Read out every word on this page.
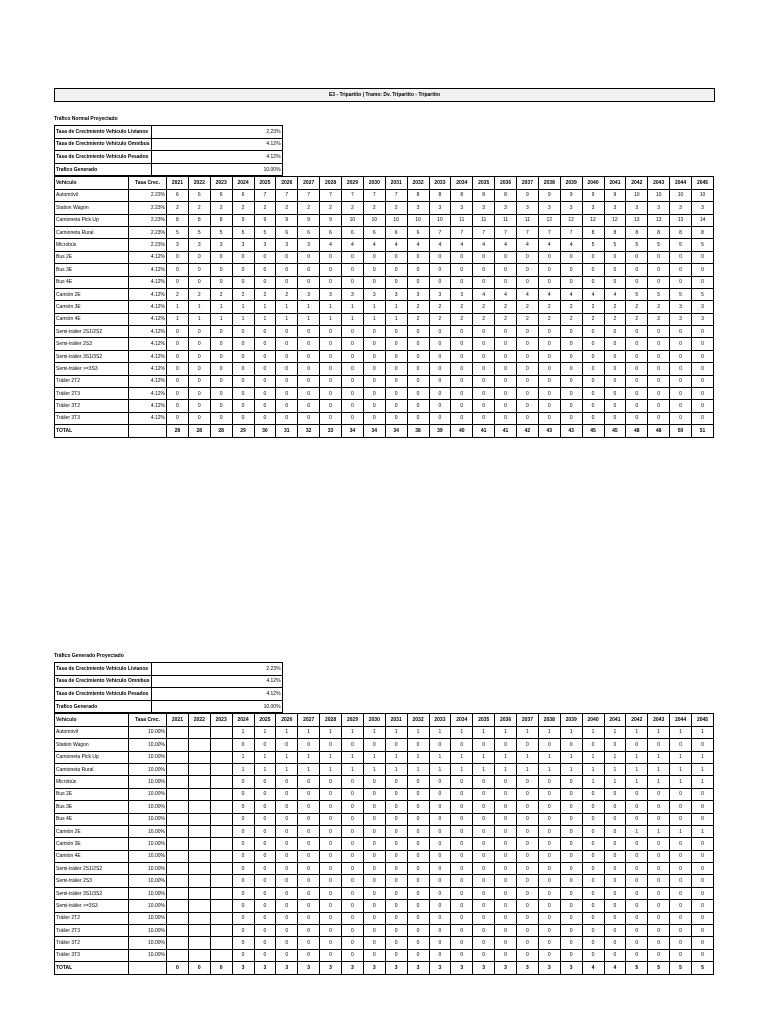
E3 - Tripartito | Tramo: Dv. Tripartito - Tripartito
Tráfico Normal Proyectado
Tasa de Crecimiento Vehículo Livianos	2.23%
Tasa de Crecimiento Vehículo Omnibus	4.12%
Tasa de Crecimiento Vehículo Pesados	4.12%
Trafico Generado	10.00%
Vehículo	Tasa Crec.	2021	2022	2023	2024	2025	2026	2027	2028	2029	2030	2031	2032	2033	2034	2035	2036	2037	2038	2039	2040	2041	2042	2043	2044	2045
Automóvil	2.23%	6	6	6	6	7	7	7	7	7	7	7	8	8	8	8	8	9	9	9	9	9	10	10	10	10
Station Wagon	2.23%	2	2	2	2	2	2	2	2	2	2	2	3	3	3	3	3	3	3	3	3	3	3	3	3	3
Camioneta Pick Up	2.23%	8	8	8	9	9	9	9	9	10	10	10	10	10	11	11	11	11	12	12	12	12	13	13	13	14
Camioneta Rural	2.23%	5	5	5	5	5	6	6	6	6	6	6	6	7	7	7	7	7	7	7	8	8	8	8	8	8
Microbús	2.23%	3	3	3	3	3	3	3	4	4	4	4	4	4	4	4	4	4	4	4	5	5	5	5	5	5
Bus 2E	4.12%	0	0	0	0	0	0	0	0	0	0	0	0	0	0	0	0	0	0	0	0	0	0	0	0	0
Bus 3E	4.12%	0	0	0	0	0	0	0	0	0	0	0	0	0	0	0	0	0	0	0	0	0	0	0	0	0
Bus 4E	4.12%	0	0	0	0	0	0	0	0	0	0	0	0	0	0	0	0	0	0	0	0	0	0	0	0	0
Camión 2E	4.12%	2	2	2	2	2	2	3	3	3	3	3	3	3	3	4	4	4	4	4	4	4	5	5	5	5
Camión 3E	4.12%	1	1	1	1	1	1	1	1	1	1	1	2	2	2	2	2	2	2	2	2	2	2	2	3	3
Camión 4E	4.12%	1	1	1	1	1	1	1	1	1	1	1	2	2	2	2	2	2	2	2	2	2	2	2	3	3
Semi-tráiler 2S1/2S2	4.12%	0	0	0	0	0	0	0	0	0	0	0	0	0	0	0	0	0	0	0	0	0	0	0	0	0
Semi-tráiler 2S3	4.12%	0	0	0	0	0	0	0	0	0	0	0	0	0	0	0	0	0	0	0	0	0	0	0	0	0
Semi-tráiler 3S1/3S2	4.12%	0	0	0	0	0	0	0	0	0	0	0	0	0	0	0	0	0	0	0	0	0	0	0	0	0
Semi-tráiler >=3S3	4.12%	0	0	0	0	0	0	0	0	0	0	0	0	0	0	0	0	0	0	0	0	0	0	0	0	0
Tráiler 2T2	4.12%	0	0	0	0	0	0	0	0	0	0	0	0	0	0	0	0	0	0	0	0	0	0	0	0	0
Tráiler 2T3	4.12%	0	0	0	0	0	0	0	0	0	0	0	0	0	0	0	0	0	0	0	0	0	0	0	0	0
Tráiler 3T2	4.12%	0	0	0	0	0	0	0	0	0	0	0	0	0	0	0	0	0	0	0	0	0	0	0	0	0
Tráiler 3T3	4.12%	0	0	0	0	0	0	0	0	0	0	0	0	0	0	0	0	0	0	0	0	0	0	0	0	0
TOTAL		28	28	28	29	30	31	32	33	34	34	34	38	39	40	41	41	42	43	43	45	45	48	48	50	51
Tráfico Generado Proyectado
Tasa de Crecimiento Vehículo Livianos	2.23%
Tasa de Crecimiento Vehículo Omnibus	4.12%
Tasa de Crecimiento Vehículo Pesados	4.12%
Trafico Generado	10.00%
Vehículo	Tasa Crec.	2021	2022	2023	2024	2025	2026	2027	2028	2029	2030	2031	2032	2033	2034	2035	2036	2037	2038	2039	2040	2041	2042	2043	2044	2045
Automóvil	10.00%				1	1	1	1	1	1	1	1	1	1	1	1	1	1	1	1	1	1	1	1	1	1
Station Wagon	10.00%				0	0	0	0	0	0	0	0	0	0	0	0	0	0	0	0	0	0	0	0	0	0
Camioneta Pick Up	10.00%				1	1	1	1	1	1	1	1	1	1	1	1	1	1	1	1	1	1	1	1	1	1
Camioneta Rural	10.00%				1	1	1	1	1	1	1	1	1	1	1	1	1	1	1	1	1	1	1	1	1	1
Microbús	10.00%				0	0	0	0	0	0	0	0	0	0	0	0	0	0	0	0	1	1	1	1	1	1
Bus 2E	10.00%				0	0	0	0	0	0	0	0	0	0	0	0	0	0	0	0	0	0	0	0	0	0
Bus 3E	10.00%				0	0	0	0	0	0	0	0	0	0	0	0	0	0	0	0	0	0	0	0	0	0
Bus 4E	10.00%				0	0	0	0	0	0	0	0	0	0	0	0	0	0	0	0	0	0	0	0	0	0
Camión 2E	10.00%				0	0	0	0	0	0	0	0	0	0	0	0	0	0	0	0	0	0	1	1	1	1
Camión 3E	10.00%				0	0	0	0	0	0	0	0	0	0	0	0	0	0	0	0	0	0	0	0	0	0
Camión 4E	10.00%				0	0	0	0	0	0	0	0	0	0	0	0	0	0	0	0	0	0	0	0	0	0
Semi-tráiler 2S1/2S2	10.00%				0	0	0	0	0	0	0	0	0	0	0	0	0	0	0	0	0	0	0	0	0	0
Semi-tráiler 2S3	10.00%				0	0	0	0	0	0	0	0	0	0	0	0	0	0	0	0	0	0	0	0	0	0
Semi-tráiler 3S1/3S2	10.00%				0	0	0	0	0	0	0	0	0	0	0	0	0	0	0	0	0	0	0	0	0	0
Semi-tráiler >=3S3	10.00%				0	0	0	0	0	0	0	0	0	0	0	0	0	0	0	0	0	0	0	0	0	0
Tráiler 2T2	10.00%				0	0	0	0	0	0	0	0	0	0	0	0	0	0	0	0	0	0	0	0	0	0
Tráiler 2T3	10.00%				0	0	0	0	0	0	0	0	0	0	0	0	0	0	0	0	0	0	0	0	0	0
Tráiler 3T2	10.00%				0	0	0	0	0	0	0	0	0	0	0	0	0	0	0	0	0	0	0	0	0	0
Tráiler 3T3	10.00%				0	0	0	0	0	0	0	0	0	0	0	0	0	0	0	0	0	0	0	0	0	0
TOTAL		0	0	0	3	3	3	3	3	3	3	3	3	3	3	3	3	3	3	3	4	4	5	5	5	5
